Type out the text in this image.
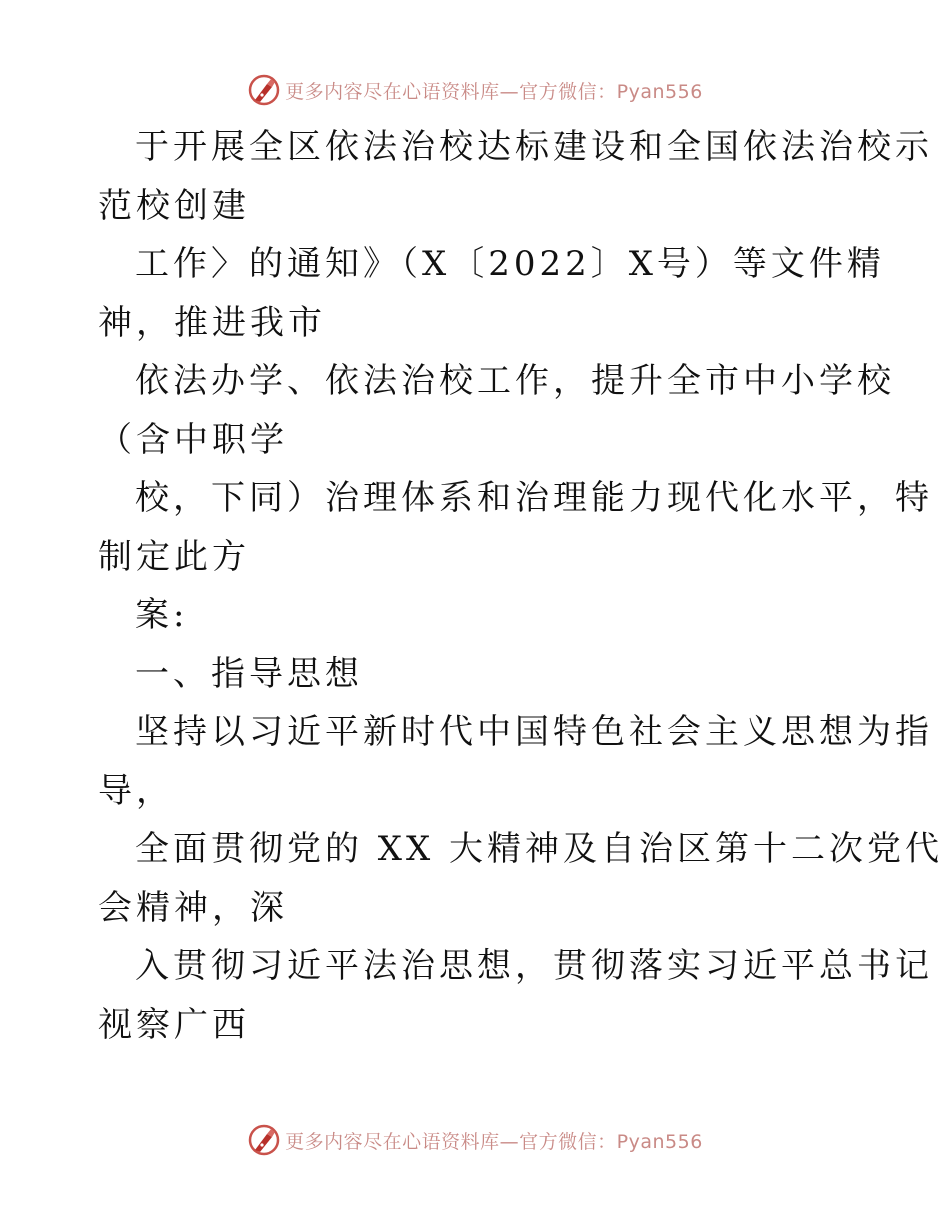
更多内容尽在心语资料库—官方微信：Pyan556
于开展全区依法治校达标建设和全国依法治校示
范校创建
工作〉的通知》（X〔2022〕X号）等文件精
神，推进我市
依法办学、依法治校工作，提升全市中小学校
（含中职学
校，下同）治理体系和治理能力现代化水平，特
制定此方
案:
一、指导思想
坚持以习近平新时代中国特色社会主义思想为指
导，
全面贯彻党的 XX 大精神及自治区第十二次党代
会精神，深
入贯彻习近平法治思想，贯彻落实习近平总书记
视察广西
更多内容尽在心语资料库—官方微信：Pyan556
